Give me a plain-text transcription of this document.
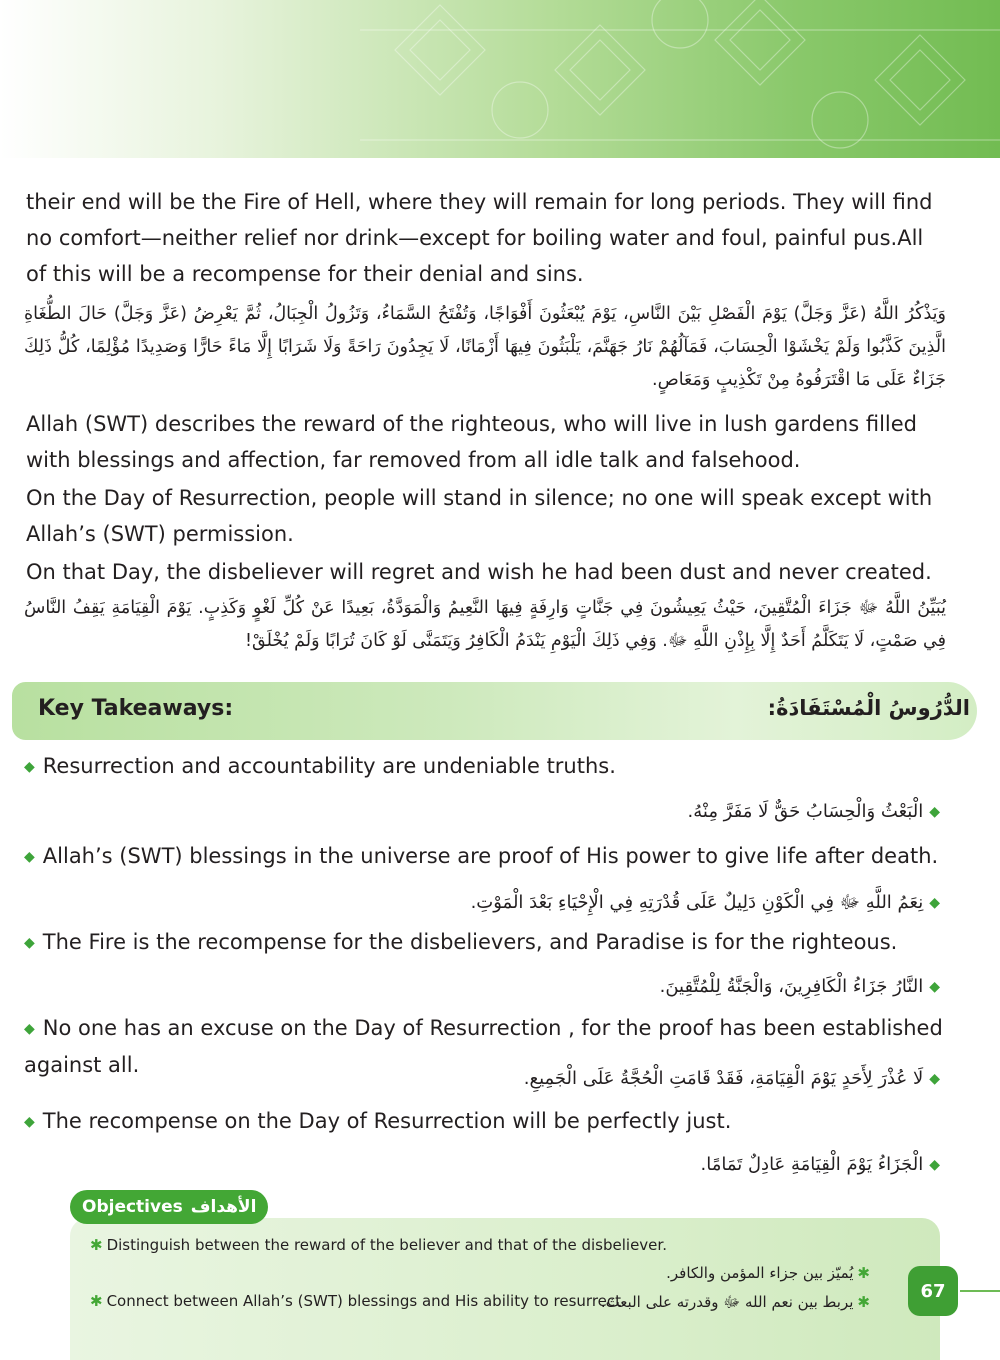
their end will be the Fire of Hell, where they will remain for long periods. They will find no comfort—neither relief nor drink—except for boiling water and foul, painful pus.All of this will be a recompense for their denial and sins.

وَيَذْكُرُ اللَّهُ (عَزَّ وَجَلَّ) يَوْمَ الْفَصْلِ بَيْنَ النَّاسِ، يَوْمَ يُبْعَثُونَ أَفْوَاجًا، وَتُفْتَحُ السَّمَاءُ، وَتَزُولُ الْجِبَالُ، ثُمَّ يَعْرِضُ (عَزَّ وَجَلَّ) حَالَ الطُّغَاةِ الَّذِينَ كَذَّبُوا وَلَمْ يَخْشَوْا الْحِسَابَ، فَمَآلُهُمْ نَارُ جَهَنَّمَ، يَلْبَثُونَ فِيهَا أَزْمَانًا، لَا يَجِدُونَ رَاحَةً وَلَا شَرَابًا إِلَّا مَاءً حَارًّا وَصَدِيدًا مُؤْلِمًا، كُلُّ ذَلِكَ جَزَاءٌ عَلَى مَا اقْتَرَفُوهُ مِنْ تَكْذِيبٍ وَمَعَاصٍ.

Allah (SWT) describes the reward of the righteous, who will live in lush gardens filled with blessings and affection, far removed from all idle talk and falsehood.

On the Day of Resurrection, people will stand in silence; no one will speak except with Allah’s (SWT) permission.

On that Day, the disbeliever will regret and wish he had been dust and never created.

يُبَيِّنُ اللَّهُ ﷻ جَزَاءَ الْمُتَّقِينَ، حَيْثُ يَعِيشُونَ فِي جَنَّاتٍ وَارِفَةٍ فِيهَا النَّعِيمُ وَالْمَوَدَّةُ، بَعِيدًا عَنْ كُلِّ لَغْوٍ وَكَذِبٍ. يَوْمَ الْقِيَامَةِ يَقِفُ النَّاسُ فِي صَمْتٍ، لَا يَتَكَلَّمُ أَحَدٌ إِلَّا بِإِذْنِ اللَّهِ ﷻ. وَفِي ذَلِكَ الْيَوْمِ يَنْدَمُ الْكَافِرُ وَيَتَمَنَّى لَوْ كَانَ تُرَابًا وَلَمْ يُخْلَقْ!

Key Takeaways:	الدُّرُوسُ الْمُسْتَفَادَةُ:
◆ Resurrection and accountability are undeniable truths.
◆الْبَعْثُ وَالْحِسَابُ حَقٌّ لَا مَفَرَّ مِنْهُ.
◆ Allah’s (SWT) blessings in the universe are proof of His power to give life after death.
◆نِعَمُ اللَّهِ ﷻ فِي الْكَوْنِ دَلِيلٌ عَلَى قُدْرَتِهِ فِي الْإِحْيَاءِ بَعْدَ الْمَوْتِ.
◆ The Fire is the recompense for the disbelievers, and Paradise is for the righteous.
◆النَّارُ جَزَاءُ الْكَافِرِينَ، وَالْجَنَّةُ لِلْمُتَّقِينَ.
◆ No one has an excuse on the Day of Resurrection , for the proof has been established against all.
◆لَا عُذْرَ لِأَحَدٍ يَوْمَ الْقِيَامَةِ، فَقَدْ قَامَتِ الْحُجَّةُ عَلَى الْجَمِيعِ.
◆ The recompense on the Day of Resurrection will be perfectly just.
◆الْجَزَاءُ يَوْمَ الْقِيَامَةِ عَادِلٌ تَمَامًا.
Objectives الأهداف
✱ Distinguish between the reward of the believer and that of the disbeliever.
✱يُميّز بين جزاء المؤمن والكافر.
✱ Connect between Allah’s (SWT) blessings and His ability to resurrect.	✱يربط بين نعم الله ﷻ وقدرته على البعث.
67
